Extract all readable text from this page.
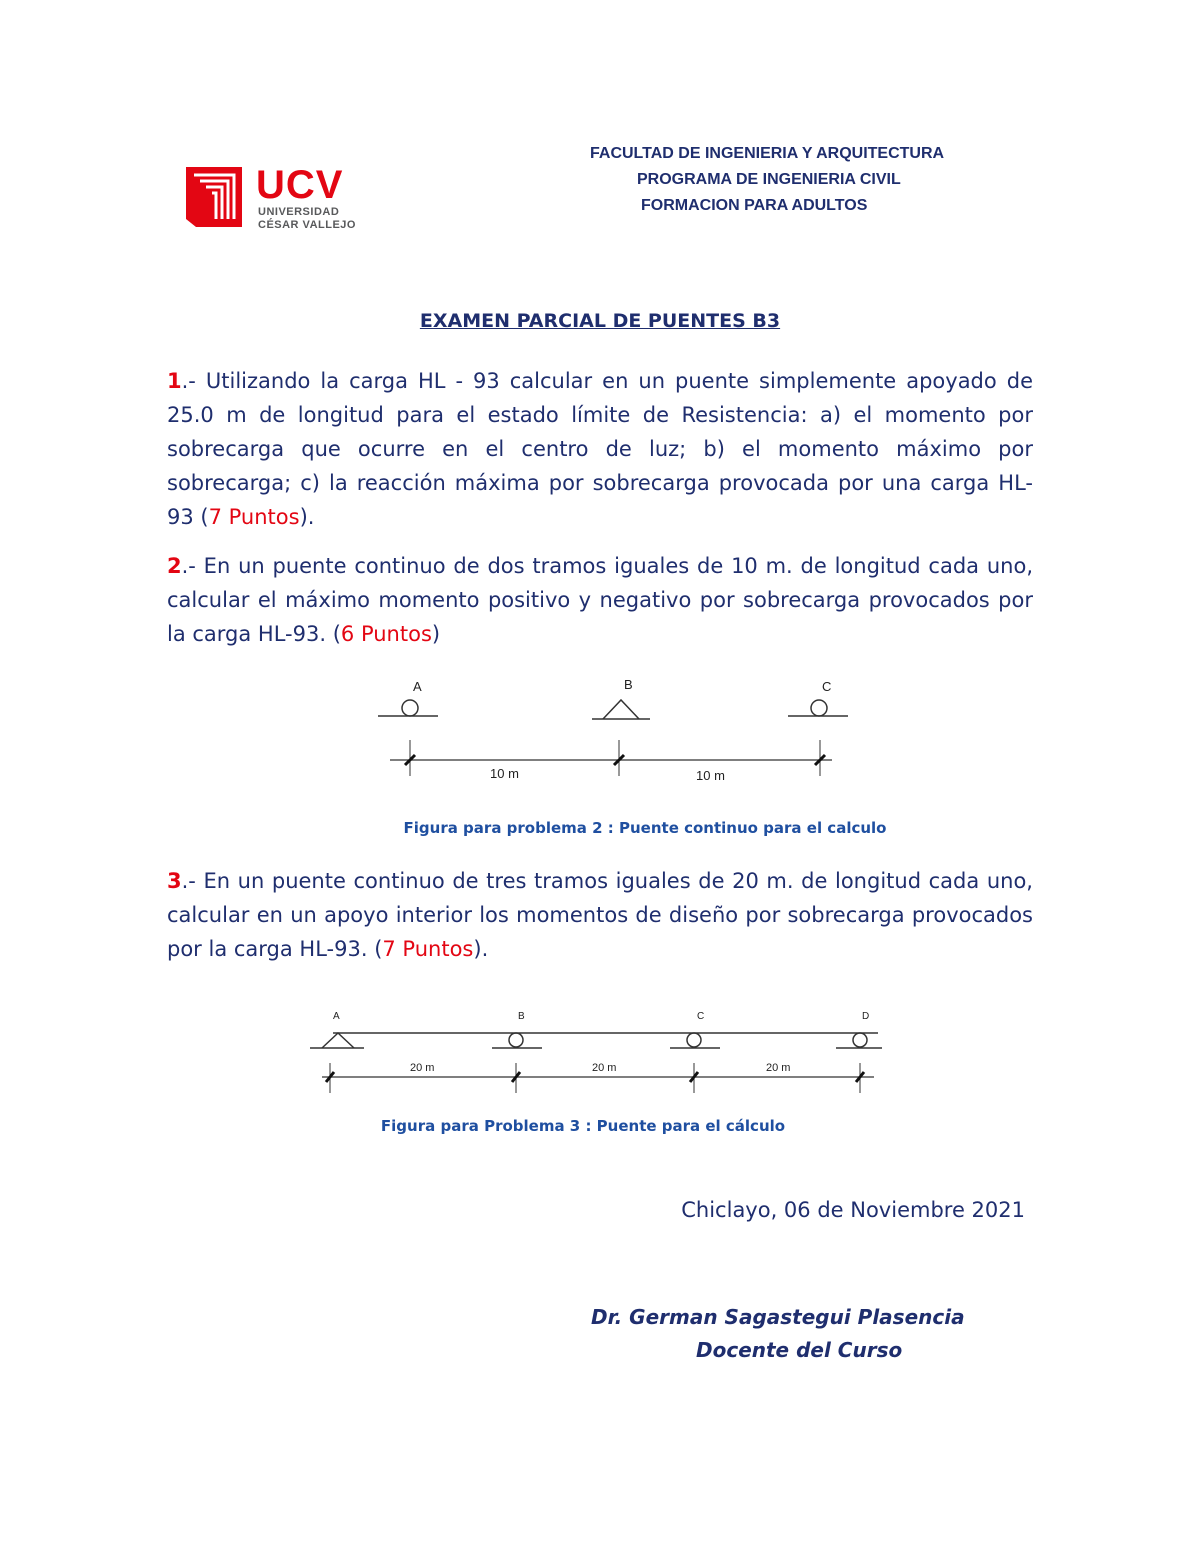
UCV
UNIVERSIDAD
CÉSAR VALLEJO
FACULTAD DE INGENIERIA Y ARQUITECTURA
PROGRAMA DE INGENIERIA CIVIL
FORMACION PARA ADULTOS
EXAMEN PARCIAL DE PUENTES B3
1.- Utilizando la carga HL - 93 calcular en un puente simplemente apoyado de 25.0 m de longitud para el estado límite de Resistencia: a) el momento por sobrecarga que ocurre en el centro de luz; b) el momento máximo por sobrecarga; c) la reacción máxima por sobrecarga provocada por una carga HL-93 (7 Puntos).
2.- En un puente continuo de dos tramos iguales de 10 m. de longitud cada uno, calcular el máximo momento positivo y negativo por sobrecarga provocados por la carga HL-93. (6 Puntos)
A	B	C
10 m	10 m
Figura para problema 2 : Puente continuo para el calculo
3.- En un puente continuo de tres tramos iguales de 20 m. de longitud cada uno, calcular en un apoyo interior los momentos de diseño por sobrecarga provocados por la carga HL-93. (7 Puntos).
A	B	C	D
20 m	20 m	20 m
Figura para Problema 3 : Puente para el cálculo
Chiclayo, 06 de Noviembre 2021
Dr. German Sagastegui Plasencia
Docente del Curso
